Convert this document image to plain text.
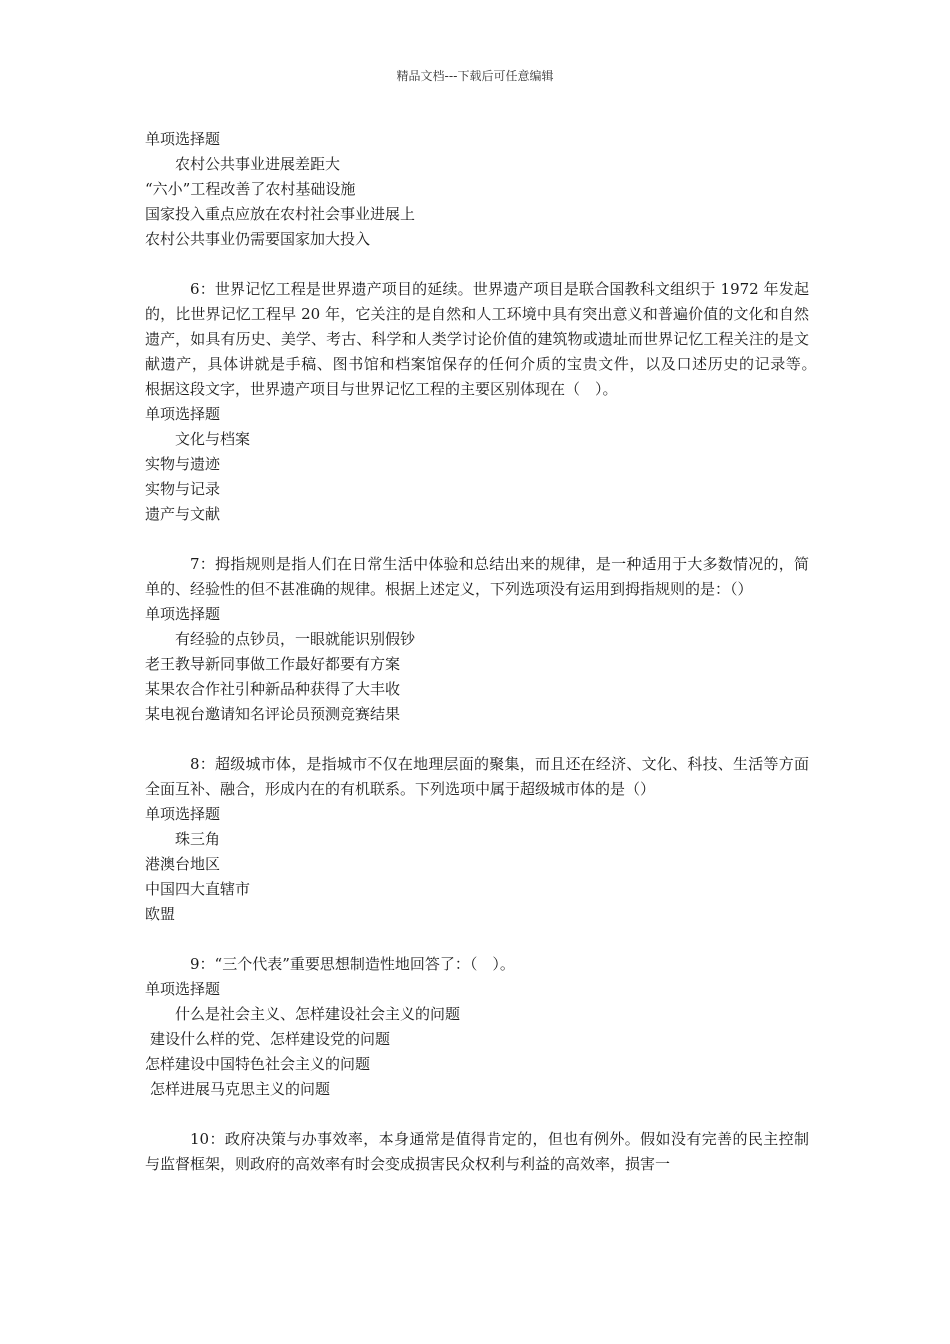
精品文档---下载后可任意编辑
单项选择题
农村公共事业进展差距大
“六小”工程改善了农村基础设施
国家投入重点应放在农村社会事业进展上
农村公共事业仍需要国家加大投入

6：世界记忆工程是世界遗产项目的延续。世界遗产项目是联合国教科文组织于 1972 年发起的，比世界记忆工程早 20 年，它关注的是自然和人工环境中具有突出意义和普遍价值的文化和自然遗产，如具有历史、美学、考古、科学和人类学讨论价值的建筑物或遗址而世界记忆工程关注的是文献遗产，具体讲就是手稿、图书馆和档案馆保存的任何介质的宝贵文件，以及口述历史的记录等。　　根据这段文字，世界遗产项目与世界记忆工程的主要区别体现在（　）。

单项选择题
文化与档案
实物与遗迹
实物与记录
遗产与文献

7：拇指规则是指人们在日常生活中体验和总结出来的规律，是一种适用于大多数情况的，简单的、经验性的但不甚准确的规律。根据上述定义，下列选项没有运用到拇指规则的是：（）

单项选择题
有经验的点钞员，一眼就能识别假钞
老王教导新同事做工作最好都要有方案
某果农合作社引种新品种获得了大丰收
某电视台邀请知名评论员预测竞赛结果

8：超级城市体，是指城市不仅在地理层面的聚集，而且还在经济、文化、科技、生活等方面全面互补、融合，形成内在的有机联系。下列选项中属于超级城市体的是（）

单项选择题
珠三角
港澳台地区
中国四大直辖市
欧盟

9：“三个代表”重要思想制造性地回答了：（　）。

单项选择题
什么是社会主义、怎样建设社会主义的问题
建设什么样的党、怎样建设党的问题
怎样建设中国特色社会主义的问题
怎样进展马克思主义的问题

10：政府决策与办事效率，本身通常是值得肯定的，但也有例外。假如没有完善的民主控制与监督框架，则政府的高效率有时会变成损害民众权利与利益的高效率，损害一
